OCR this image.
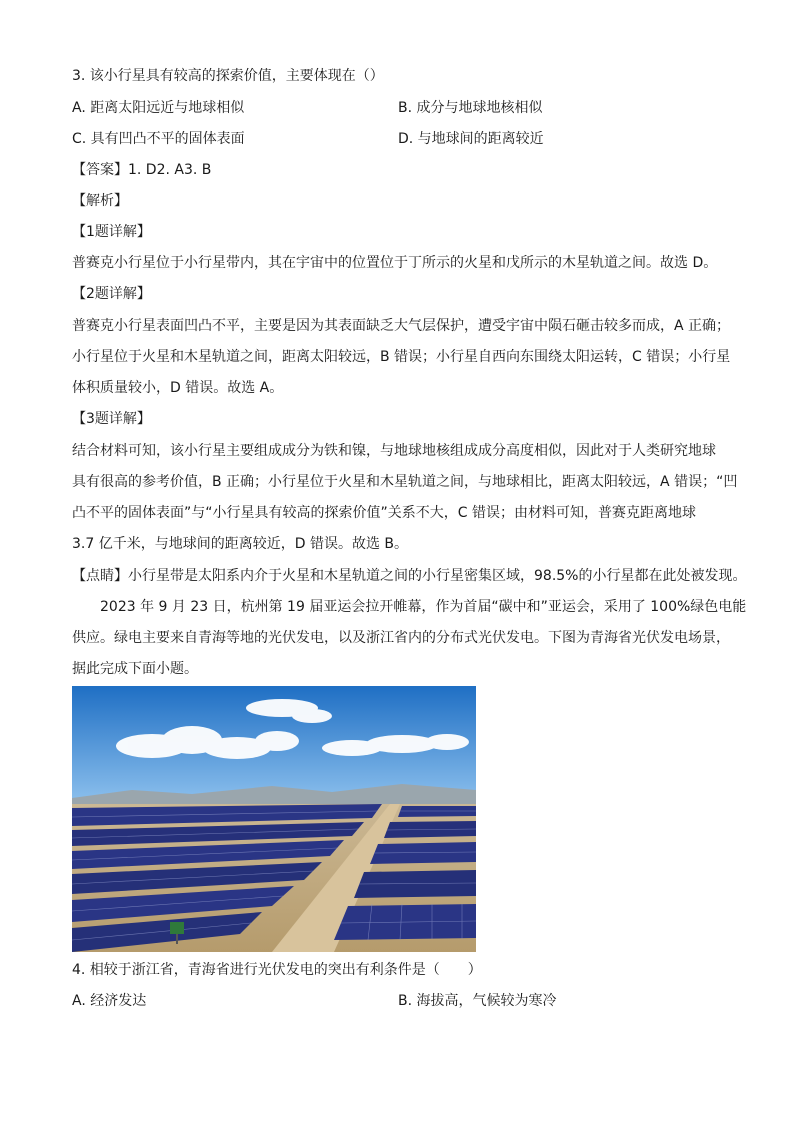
3. 该小行星具有较高的探索价值，主要体现在（）
A. 距离太阳远近与地球相似	B. 成分与地球地核相似
C. 具有凹凸不平的固体表面	D. 与地球间的距离较近
【答案】1. D2. A3. B
【解析】
【1题详解】
普赛克小行星位于小行星带内，其在宇宙中的位置位于丁所示的火星和戊所示的木星轨道之间。故选 D。
【2题详解】
普赛克小行星表面凹凸不平，主要是因为其表面缺乏大气层保护，遭受宇宙中陨石砸击较多而成，A 正确；
小行星位于火星和木星轨道之间，距离太阳较远，B 错误；小行星自西向东围绕太阳运转，C 错误；小行星
体积质量较小，D 错误。故选 A。
【3题详解】
结合材料可知，该小行星主要组成成分为铁和镍，与地球地核组成成分高度相似，因此对于人类研究地球
具有很高的参考价值，B 正确；小行星位于火星和木星轨道之间，与地球相比，距离太阳较远，A 错误；“凹
凸不平的固体表面”与“小行星具有较高的探索价值”关系不大，C 错误；由材料可知，普赛克距离地球
3.7 亿千米，与地球间的距离较近，D 错误。故选 B。
【点睛】小行星带是太阳系内介于火星和木星轨道之间的小行星密集区域，98.5%的小行星都在此处被发现。
2023 年 9 月 23 日，杭州第 19 届亚运会拉开帷幕，作为首届“碳中和”亚运会，采用了 100%绿色电能
供应。绿电主要来自青海等地的光伏发电，以及浙江省内的分布式光伏发电。下图为青海省光伏发电场景，
据此完成下面小题。
4. 相较于浙江省，青海省进行光伏发电的突出有利条件是（　　）
A. 经济发达	B. 海拔高，气候较为寒冷
